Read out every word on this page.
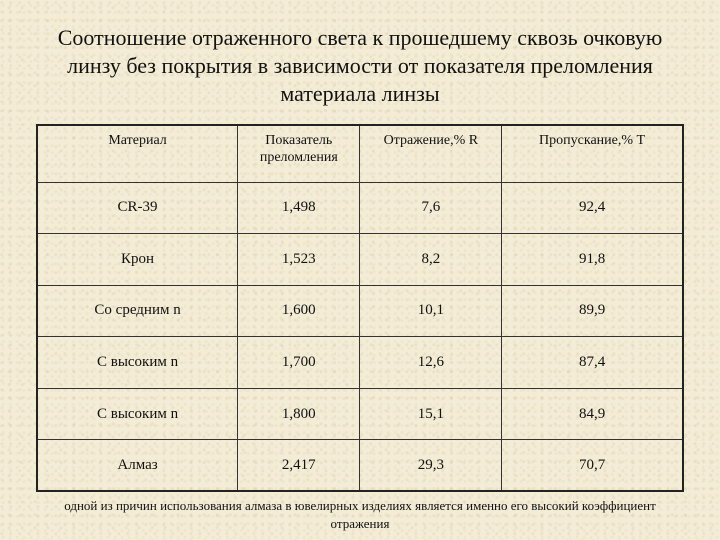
Соотношение отраженного света к прошедшему сквозь очковую линзу без покрытия в зависимости от показателя преломления материала линзы
Материал	Показатель преломления	Отражение,% R	Пропускание,% T
CR-39	1,498	7,6	92,4
Крон	1,523	8,2	91,8
Со средним n	1,600	10,1	89,9
С высоким n	1,700	12,6	87,4
С высоким n	1,800	15,1	84,9
Алмаз	2,417	29,3	70,7
одной из причин использования алмаза в ювелирных изделиях является именно его высокий коэффициент отражения
